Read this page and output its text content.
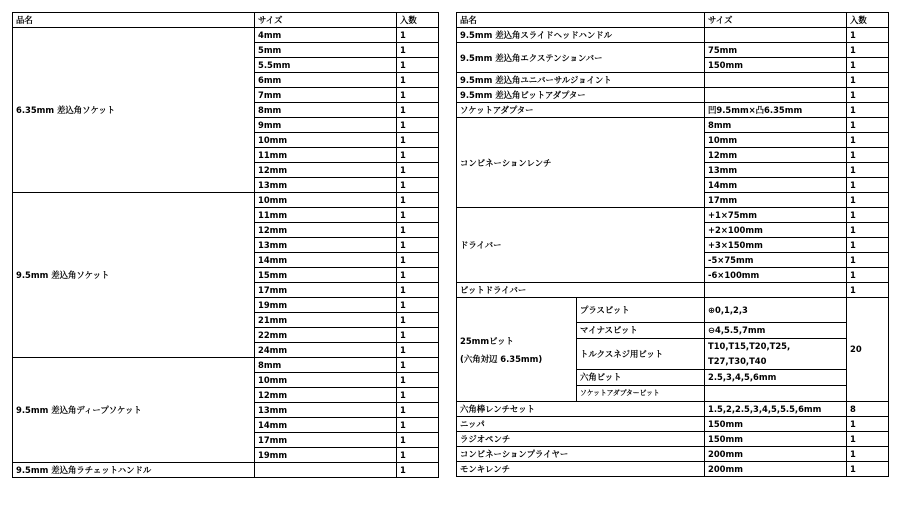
品名	サイズ	入数
6.35mm 差込角ソケット	4mm	1
	5mm	1
	5.5mm	1
	6mm	1
	7mm	1
	8mm	1
	9mm	1
	10mm	1
	11mm	1
	12mm	1
	13mm	1
9.5mm 差込角ソケット	10mm	1
	11mm	1
	12mm	1
	13mm	1
	14mm	1
	15mm	1
	17mm	1
	19mm	1
	21mm	1
	22mm	1
	24mm	1
9.5mm 差込角ディープソケット	8mm	1
	10mm	1
	12mm	1
	13mm	1
	14mm	1
	17mm	1
	19mm	1
9.5mm 差込角ラチェットハンドル		1
品名		サイズ	入数
9.5mm 差込角スライドヘッドハンドル			1
9.5mm 差込角エクステンションバー		75mm	1
		150mm	1
9.5mm 差込角ユニバーサルジョイント			1
9.5mm 差込角ビットアダプター			1
ソケットアダプター		凹9.5mm×凸6.35mm	1
コンビネーションレンチ		8mm	1
		10mm	1
		12mm	1
		13mm	1
		14mm	1
		17mm	1
ドライバー		+1×75mm	1
		+2×100mm	1
		+3×150mm	1
		-5×75mm	1
		-6×100mm	1
ビットドライバー			1

25mmビット
(六角対辺 6.35mm)	プラスビット	⊕0,1,2,3	20
	マイナスビット	⊖4,5.5,7mm	
	トルクスネジ用ビット	T10,T15,T20,T25,	
		T27,T30,T40	
	六角ビット	2.5,3,4,5,6mm	
	ソケットアダプタービット		
六角棒レンチセット		1.5,2,2.5,3,4,5,5.5,6mm	8
ニッパ		150mm	1
ラジオペンチ		150mm	1
コンビネーションプライヤー		200mm	1
モンキレンチ		200mm	1
